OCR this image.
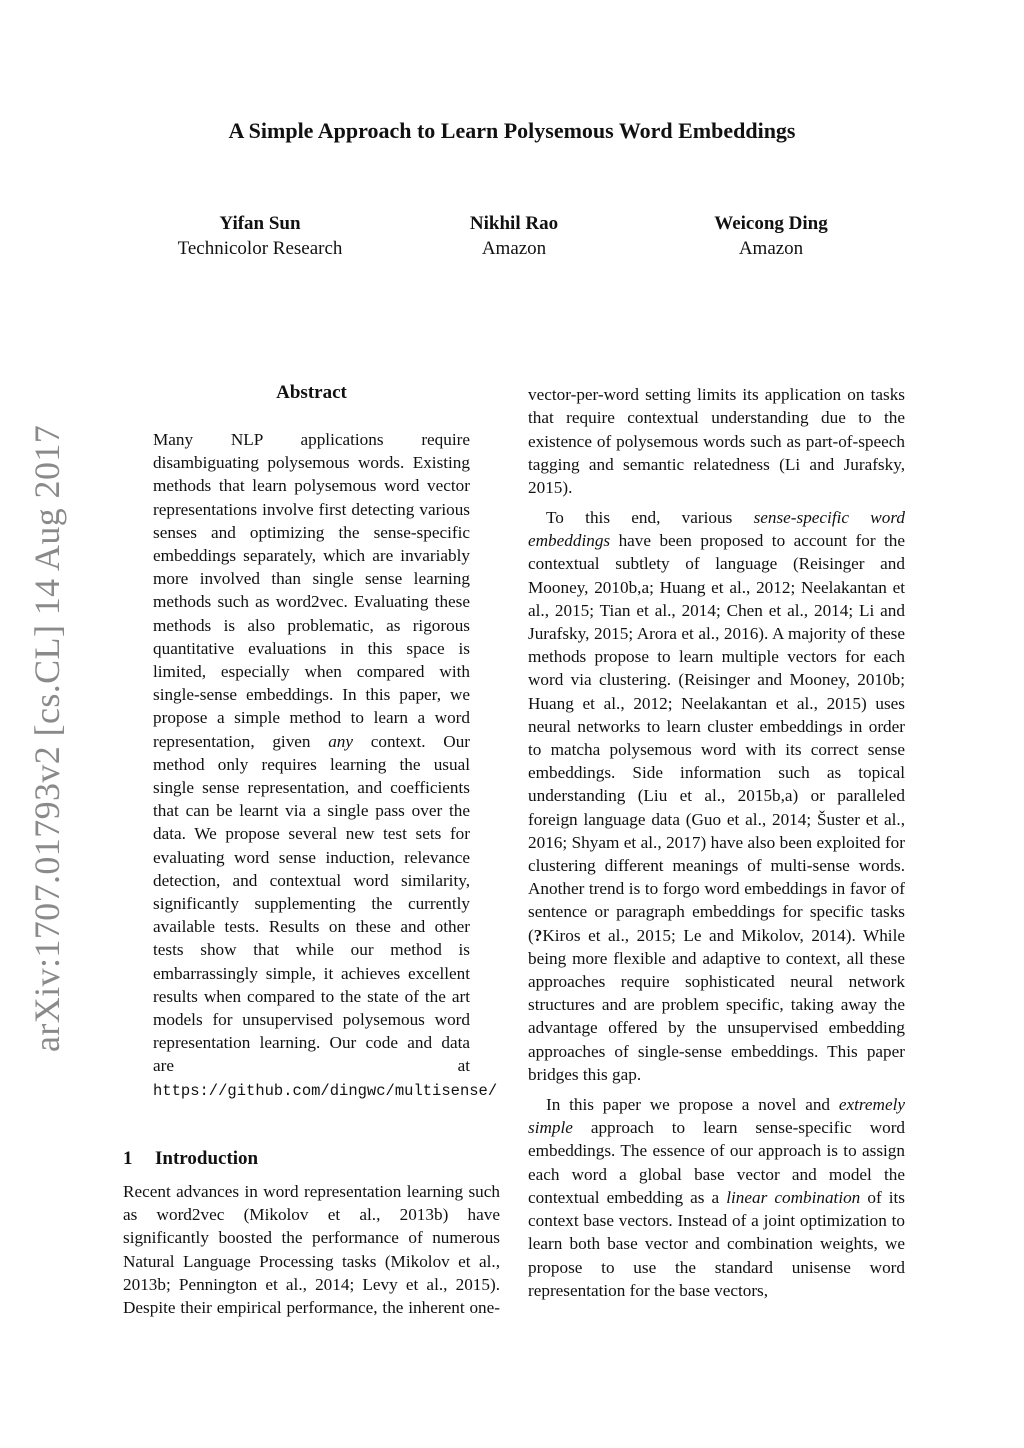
A Simple Approach to Learn Polysemous Word Embeddings
Yifan Sun
Technicolor Research
Nikhil Rao
Amazon
Weicong Ding
Amazon
arXiv:1707.01793v2 [cs.CL] 14 Aug 2017
Abstract

Many NLP applications require disambiguating polysemous words. Existing methods that learn polysemous word vector representations involve first detecting various senses and optimizing the sense-specific embeddings separately, which are invariably more involved than single sense learning methods such as word2vec. Evaluating these methods is also problematic, as rigorous quantitative evaluations in this space is limited, especially when compared with single-sense embeddings. In this paper, we propose a simple method to learn a word representation, given any context. Our method only requires learning the usual single sense representation, and coefficients that can be learnt via a single pass over the data. We propose several new test sets for evaluating word sense induction, relevance detection, and contextual word similarity, significantly supplementing the currently available tests. Results on these and other tests show that while our method is embarrassingly simple, it achieves excellent results when compared to the state of the art models for unsupervised polysemous word representation learning. Our code and data are at https://github.com/dingwc/multisense/

1 Introduction

Recent advances in word representation learning such as word2vec (Mikolov et al., 2013b) have significantly boosted the performance of numerous Natural Language Processing tasks (Mikolov et al., 2013b; Pennington et al., 2014; Levy et al., 2015). Despite their empirical performance, the inherent one-

vector-per-word setting limits its application on tasks that require contextual understanding due to the existence of polysemous words such as part-of-speech tagging and semantic relatedness (Li and Jurafsky, 2015).

To this end, various sense-specific word embeddings have been proposed to account for the contextual subtlety of language (Reisinger and Mooney, 2010b,a; Huang et al., 2012; Neelakantan et al., 2015; Tian et al., 2014; Chen et al., 2014; Li and Jurafsky, 2015; Arora et al., 2016). A majority of these methods propose to learn multiple vectors for each word via clustering. (Reisinger and Mooney, 2010b; Huang et al., 2012; Neelakantan et al., 2015) uses neural networks to learn cluster embeddings in order to matcha polysemous word with its correct sense embeddings. Side information such as topical understanding (Liu et al., 2015b,a) or paralleled foreign language data (Guo et al., 2014; Šuster et al., 2016; Shyam et al., 2017) have also been exploited for clustering different meanings of multi-sense words. Another trend is to forgo word embeddings in favor of sentence or paragraph embeddings for specific tasks (?Kiros et al., 2015; Le and Mikolov, 2014). While being more flexible and adaptive to context, all these approaches require sophisticated neural network structures and are problem specific, taking away the advantage offered by the unsupervised embedding approaches of single-sense embeddings. This paper bridges this gap.

In this paper we propose a novel and extremely simple approach to learn sense-specific word embeddings. The essence of our approach is to assign each word a global base vector and model the contextual embedding as a linear combination of its context base vectors. Instead of a joint optimization to learn both base vector and combination weights, we propose to use the standard unisense word representation for the base vectors,
